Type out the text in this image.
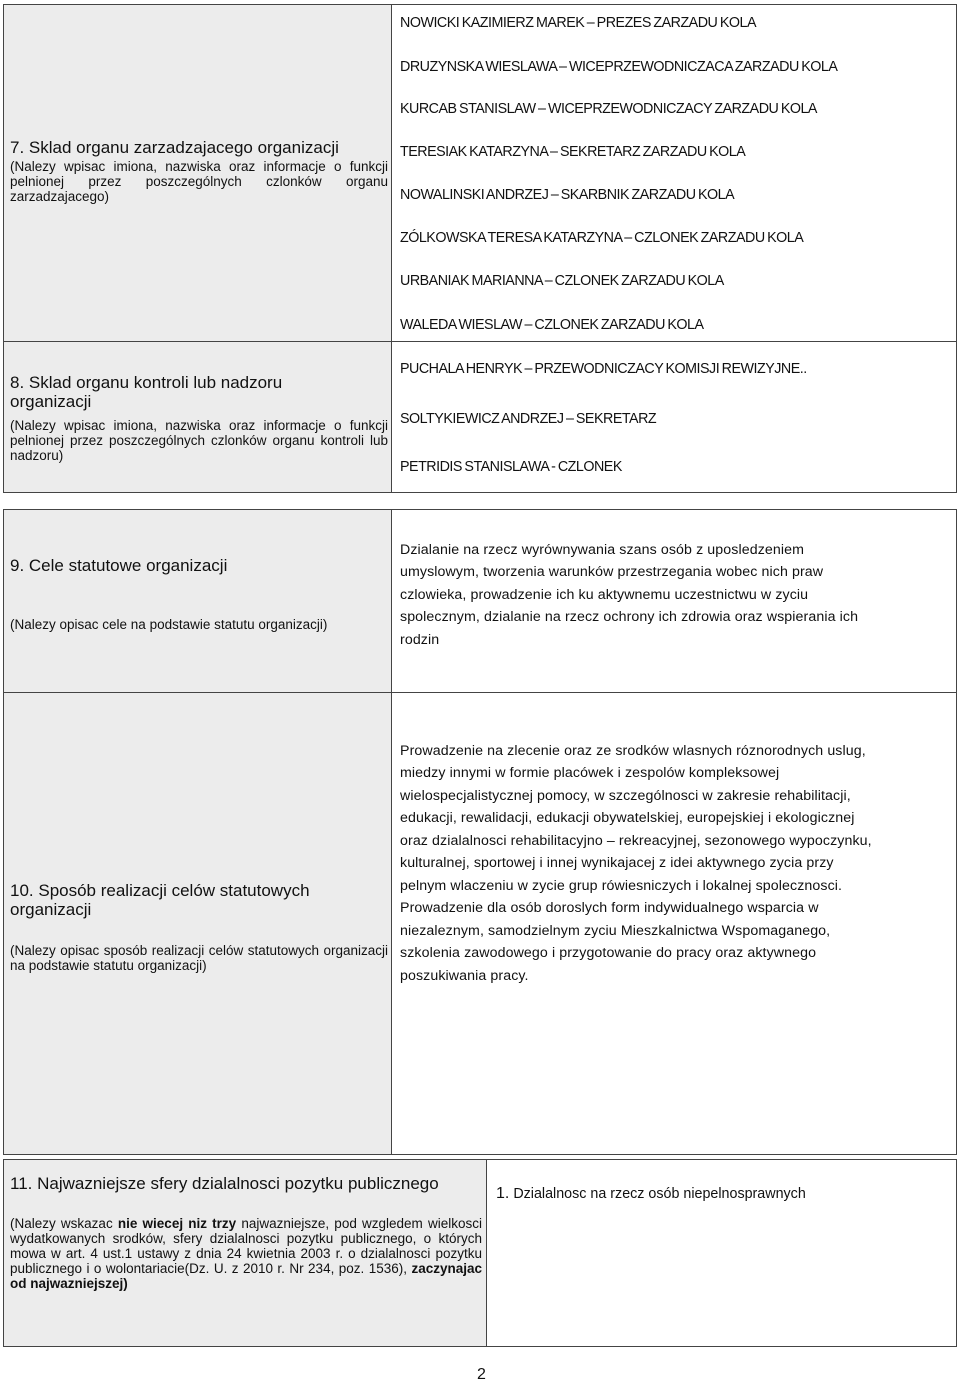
7. Sklad organu zarzadzajacego organizacji
(Nalezy wpisac imiona, nazwiska oraz informacje o funkcji pelnionej przez poszczególnych czlonków organu zarzadzajacego)
NOWICKI KAZIMIERZ MAREK – PREZES ZARZADU KOLA
DRUZYNSKA WIESLAWA – WICEPRZEWODNICZACA ZARZADU KOLA
KURCAB STANISLAW – WICEPRZEWODNICZACY ZARZADU KOLA
TERESIAK KATARZYNA – SEKRETARZ ZARZADU KOLA
NOWALINSKI ANDRZEJ – SKARBNIK ZARZADU KOLA
ZÓLKOWSKA TERESA KATARZYNA – CZLONEK ZARZADU KOLA
URBANIAK MARIANNA – CZLONEK ZARZADU KOLA
WALEDA WIESLAW – CZLONEK ZARZADU KOLA
8. Sklad organu kontroli lub nadzoru organizacji
(Nalezy wpisac imiona, nazwiska oraz informacje o funkcji pelnionej przez poszczególnych czlonków organu kontroli lub nadzoru)
PUCHALA HENRYK – PRZEWODNICZACY KOMISJI REWIZYJNE..
SOLTYKIEWICZ ANDRZEJ – SEKRETARZ
PETRIDIS STANISLAWA - CZLONEK
9. Cele statutowe organizacji
(Nalezy opisac cele na podstawie statutu organizacji)
Dzialanie na rzecz wyrównywania szans osób z uposledzeniem
umyslowym, tworzenia warunków przestrzegania wobec nich praw
czlowieka, prowadzenie ich ku aktywnemu uczestnictwu w zyciu
spolecznym, dzialanie na rzecz ochrony ich zdrowia oraz wspierania ich
rodzin
10. Sposób realizacji celów statutowych organizacji
(Nalezy opisac sposób realizacji celów statutowych organizacji na podstawie statutu organizacji)
Prowadzenie na zlecenie oraz ze srodków wlasnych róznorodnych uslug,
miedzy innymi w formie placówek i zespolów kompleksowej
wielospecjalistycznej pomocy, w szczególnosci w zakresie rehabilitacji,
edukacji, rewalidacji, edukacji obywatelskiej, europejskiej i ekologicznej
oraz dzialalnosci rehabilitacyjno – rekreacyjnej, sezonowego wypoczynku,
kulturalnej, sportowej i innej wynikajacej z idei aktywnego zycia przy
pelnym wlaczeniu w zycie grup rówiesniczych i lokalnej spolecznosci.
Prowadzenie dla osób doroslych form indywidualnego wsparcia w
niezaleznym, samodzielnym zyciu Mieszkalnictwa Wspomaganego,
szkolenia zawodowego i przygotowanie do pracy oraz aktywnego
poszukiwania pracy.
11. Najwazniejsze sfery dzialalnosci pozytku publicznego
(Nalezy wskazac nie wiecej niz trzy najwazniejsze, pod wzgledem wielkosci wydatkowanych srodków, sfery dzialalnosci pozytku publicznego, o których mowa w art. 4 ust.1 ustawy z dnia 24 kwietnia 2003 r. o dzialalnosci pozytku publicznego i o wolontariacie(Dz. U. z 2010 r. Nr 234, poz. 1536), zaczynajac od najwazniejszej)
1. Dzialalnosc na rzecz osób niepelnosprawnych
2
